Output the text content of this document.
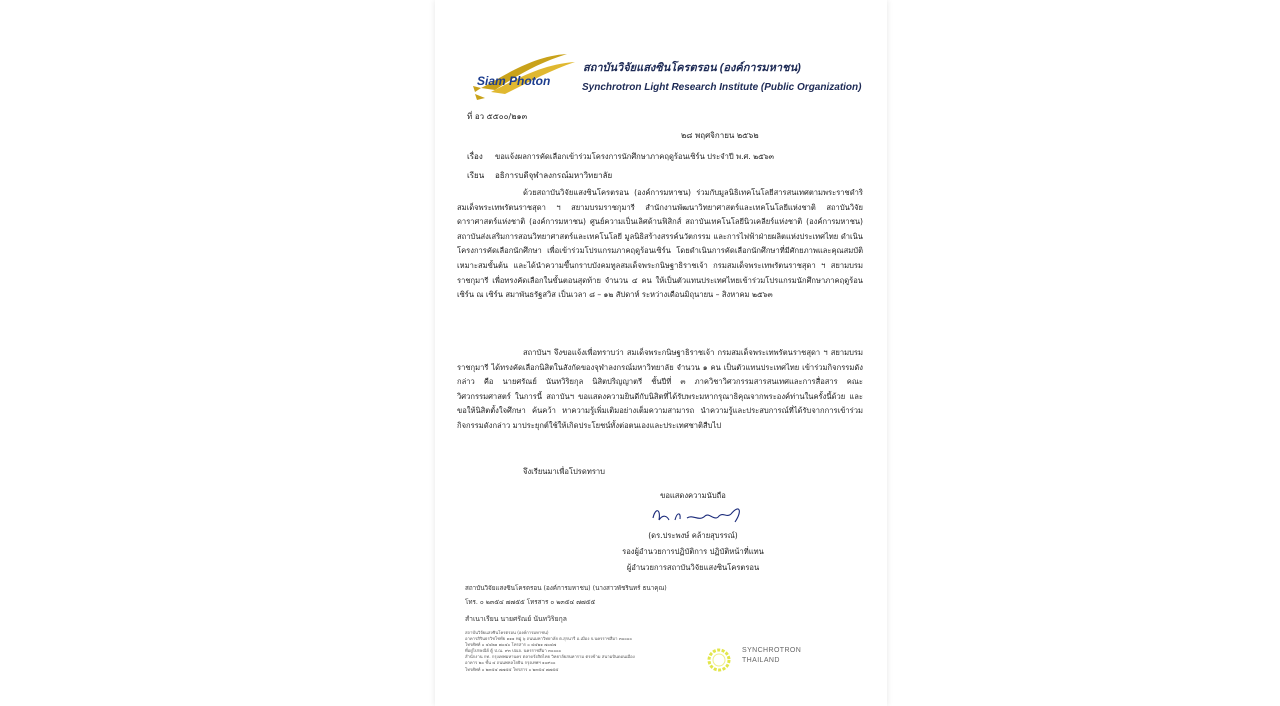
Siam Photon
สถาบันวิจัยแสงซินโครตรอน (องค์การมหาชน)
Synchrotron Light Research Institute (Public Organization)
ที่ อว ๕๕๐๐/๒๑๓
๒๘ พฤศจิกายน ๒๕๖๒
เรื่อง ขอแจ้งผลการคัดเลือกเข้าร่วมโครงการนักศึกษาภาคฤดูร้อนเซิร์น ประจำปี พ.ศ. ๒๕๖๓
เรียน อธิการบดีจุฬาลงกรณ์มหาวิทยาลัย

ด้วยสถาบันวิจัยแสงซินโครตรอน (องค์การมหาชน) ร่วมกับมูลนิธิเทคโนโลยีสารสนเทศตามพระราชดำริสมเด็จพระเทพรัตนราชสุดา ฯ สยามบรมราชกุมารี สำนักงานพัฒนาวิทยาศาสตร์และเทคโนโลยีแห่งชาติ สถาบันวิจัยดาราศาสตร์แห่งชาติ (องค์การมหาชน) ศูนย์ความเป็นเลิศด้านฟิสิกส์ สถาบันเทคโนโลยีนิวเคลียร์แห่งชาติ (องค์การมหาชน) สถาบันส่งเสริมการสอนวิทยาศาสตร์และเทคโนโลยี มูลนิธิสร้างสรรค์นวัตกรรม และการไฟฟ้าฝ่ายผลิตแห่งประเทศไทย ดำเนินโครงการคัดเลือกนักศึกษา เพื่อเข้าร่วมโปรแกรมภาคฤดูร้อนเซิร์น โดยดำเนินการคัดเลือกนักศึกษาที่มีศักยภาพและคุณสมบัติเหมาะสมขั้นต้น และได้นำความขึ้นกราบบังคมทูลสมเด็จพระกนิษฐาธิราชเจ้า กรมสมเด็จพระเทพรัตนราชสุดา ฯ สยามบรมราชกุมารี เพื่อทรงคัดเลือกในขั้นตอนสุดท้าย จำนวน ๔ คน ให้เป็นตัวแทนประเทศไทยเข้าร่วมโปรแกรมนักศึกษาภาคฤดูร้อนเซิร์น ณ เซิร์น สมาพันธรัฐสวิส เป็นเวลา ๘ – ๑๒ สัปดาห์ ระหว่างเดือนมิถุนายน – สิงหาคม ๒๕๖๓

สถาบันฯ จึงขอแจ้งเพื่อทราบว่า สมเด็จพระกนิษฐาธิราชเจ้า กรมสมเด็จพระเทพรัตนราชสุดา ฯ สยามบรมราชกุมารี ได้ทรงคัดเลือกนิสิตในสังกัดของจุฬาลงกรณ์มหาวิทยาลัย จำนวน ๑ คน เป็นตัวแทนประเทศไทย เข้าร่วมกิจกรรมดังกล่าว คือ นายศรัณย์ นันทวิริยกุล นิสิตปริญญาตรี ชั้นปีที่ ๓ ภาควิชาวิศวกรรมสารสนเทศและการสื่อสาร คณะวิศวกรรมศาสตร์ ในการนี้ สถาบันฯ ขอแสดงความยินดีกับนิสิตที่ได้รับพระมหากรุณาธิคุณจากพระองค์ท่านในครั้งนี้ด้วย และขอให้นิสิตตั้งใจศึกษา ค้นคว้า หาความรู้เพิ่มเติมอย่างเต็มความสามารถ นำความรู้และประสบการณ์ที่ได้รับจากการเข้าร่วมกิจกรรมดังกล่าว มาประยุกต์ใช้ให้เกิดประโยชน์ทั้งต่อตนเองและประเทศชาติสืบไป

จึงเรียนมาเพื่อโปรดทราบ
ขอแสดงความนับถือ
(ดร.ประพงษ์ คล้ายสุบรรณ์)
รองผู้อำนวยการปฏิบัติการ ปฏิบัติหน้าที่แทน
ผู้อำนวยการสถาบันวิจัยแสงซินโครตรอน
สถาบันวิจัยแสงซินโครตรอน (องค์การมหาชน) (นางสาวพัชรินทร์ ธนาคุณ)
โทร. ๐ ๒๓๕๔ ๗๗๕๕ โทรสาร ๐ ๒๓๕๔ ๗๗๕๕
สำเนาเรียน นายศรัณย์ นันทวิริยกุล
สถาบันวิจัยแสงซินโครตรอน (องค์การมหาชน)
อาคารสิรินธรวิชโชทัย ๑๑๑ หมู่ ๖ ถนนมหาวิทยาลัย ต.สุรนารี อ.เมือง จ.นครราชสีมา ๓๐๐๐๐
โทรศัพท์ ๐ ๔๔๒๑ ๗๐๔๐ โทรสาร ๐ ๔๔๒๑ ๗๐๔๗
ที่อยู่ไปรษณีย์ ตู้ ป.ณ. ๙๓ ปณจ. นครราชสีมา ๓๐๐๐๐
สำนักงาน กท. กรุงเทพมหานคร ตลาดรังสิตไทย วิทยาลัยสนทาราม ตรงข้าม สนามบินดอนเมือง
อาคาร ๒๐ ชั้น ๔ ถนนพหลโยธิน กรุงเทพฯ ๑๐๙๐๐
โทรศัพท์ ๐ ๒๓๕๔ ๗๗๕๕ โทรสาร ๐ ๒๓๕๔ ๗๗๕๕
SYNCHROTRON
THAILAND
